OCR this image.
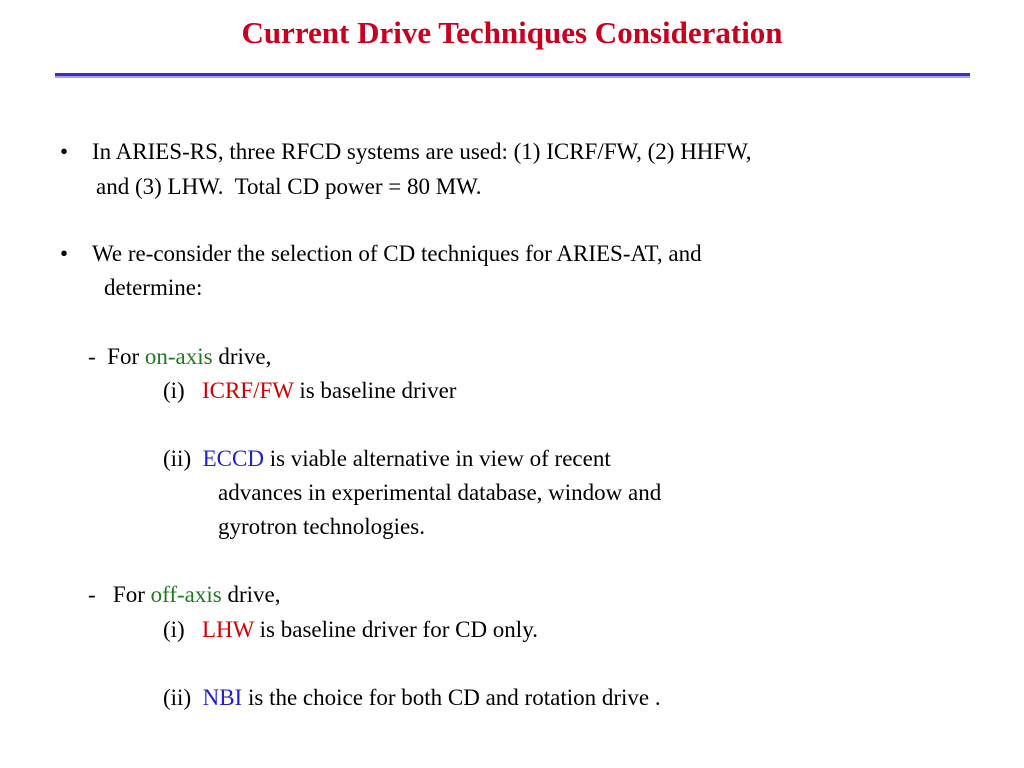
Current Drive Techniques Consideration
• In ARIES-RS, three RFCD systems are used: (1) ICRF/FW, (2) HHFW,
and (3) LHW.  Total CD power = 80 MW.
• We re-consider the selection of CD techniques for ARIES-AT, and
determine:
-  For on-axis drive,
(i)   ICRF/FW is baseline driver
(ii)  ECCD is viable alternative in view of recent
advances in experimental database, window and
gyrotron technologies.
-   For off-axis drive,
(i)   LHW is baseline driver for CD only.
(ii)  NBI is the choice for both CD and rotation drive .
